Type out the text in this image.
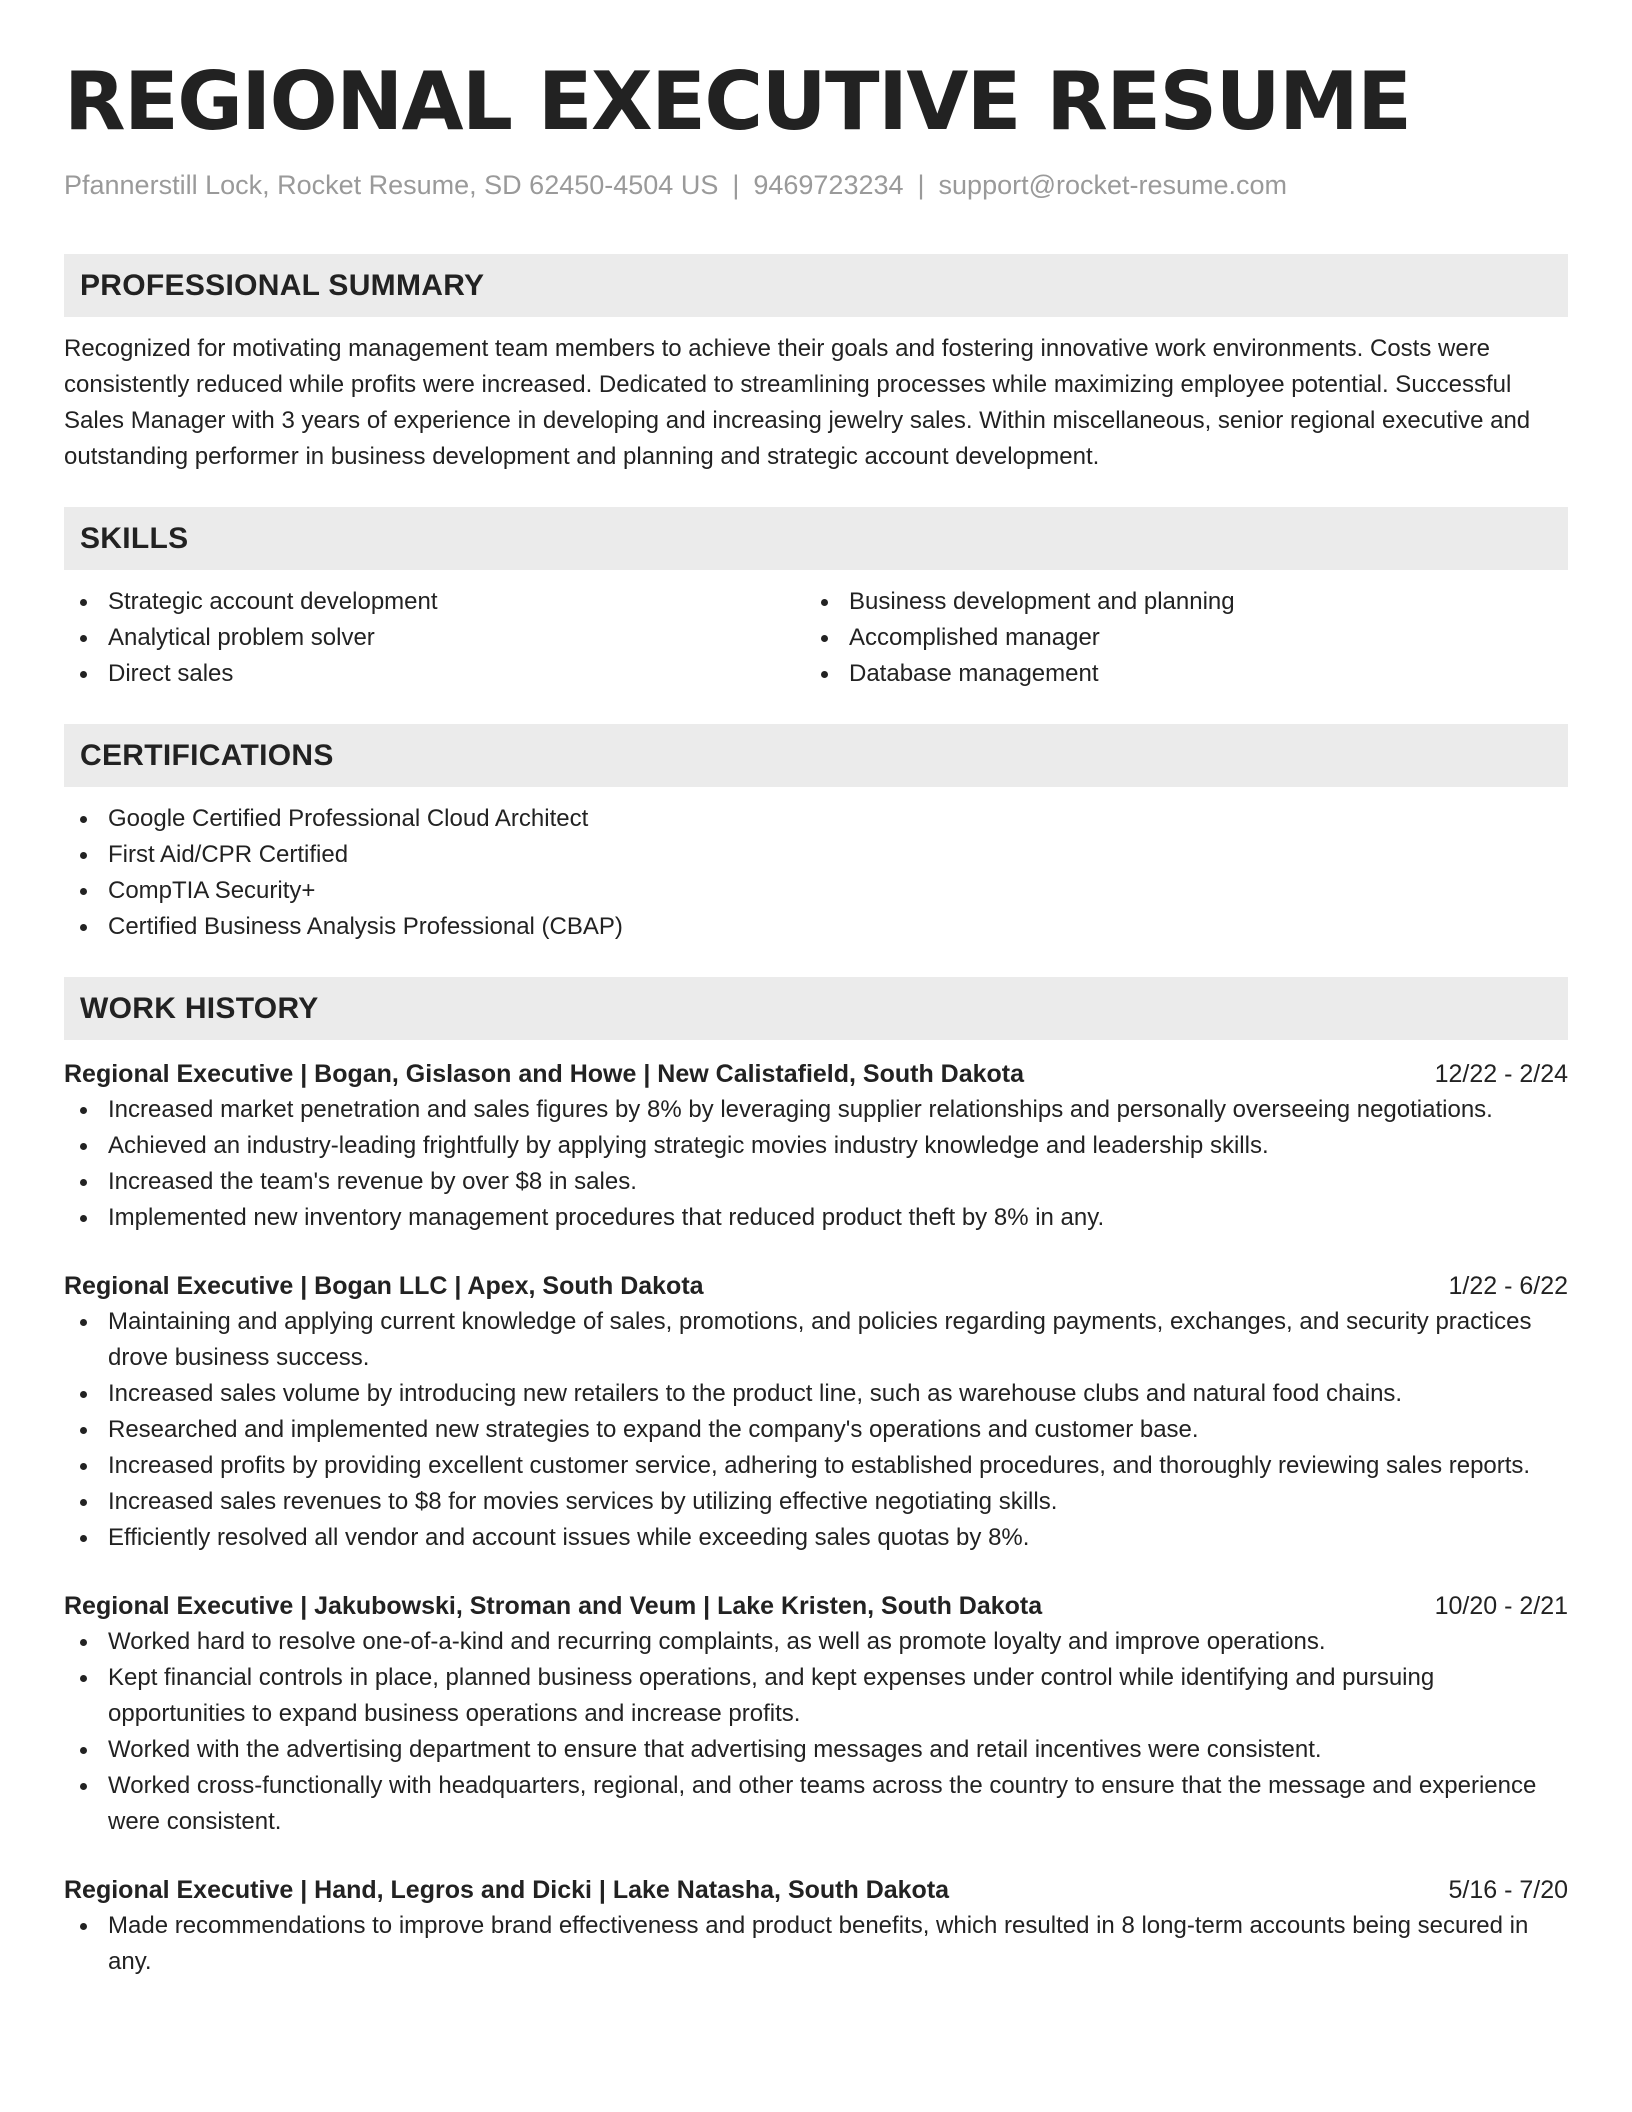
REGIONAL EXECUTIVE RESUME
Pfannerstill Lock, Rocket Resume, SD 62450-4504 US | 9469723234 | support@rocket-resume.com
PROFESSIONAL SUMMARY
Recognized for motivating management team members to achieve their goals and fostering innovative work environments. Costs were consistently reduced while profits were increased. Dedicated to streamlining processes while maximizing employee potential. Successful Sales Manager with 3 years of experience in developing and increasing jewelry sales. Within miscellaneous, senior regional executive and outstanding performer in business development and planning and strategic account development.
SKILLS
Strategic account development
Analytical problem solver
Direct sales
Business development and planning
Accomplished manager
Database management
CERTIFICATIONS
Google Certified Professional Cloud Architect
First Aid/CPR Certified
CompTIA Security+
Certified Business Analysis Professional (CBAP)
WORK HISTORY
Regional Executive | Bogan, Gislason and Howe | New Calistafield, South Dakota	12/22 - 2/24
Increased market penetration and sales figures by 8% by leveraging supplier relationships and personally overseeing negotiations.
Achieved an industry-leading frightfully by applying strategic movies industry knowledge and leadership skills.
Increased the team's revenue by over $8 in sales.
Implemented new inventory management procedures that reduced product theft by 8% in any.
Regional Executive | Bogan LLC | Apex, South Dakota	1/22 - 6/22
Maintaining and applying current knowledge of sales, promotions, and policies regarding payments, exchanges, and security practices drove business success.
Increased sales volume by introducing new retailers to the product line, such as warehouse clubs and natural food chains.
Researched and implemented new strategies to expand the company's operations and customer base.
Increased profits by providing excellent customer service, adhering to established procedures, and thoroughly reviewing sales reports.
Increased sales revenues to $8 for movies services by utilizing effective negotiating skills.
Efficiently resolved all vendor and account issues while exceeding sales quotas by 8%.
Regional Executive | Jakubowski, Stroman and Veum | Lake Kristen, South Dakota	10/20 - 2/21
Worked hard to resolve one-of-a-kind and recurring complaints, as well as promote loyalty and improve operations.
Kept financial controls in place, planned business operations, and kept expenses under control while identifying and pursuing opportunities to expand business operations and increase profits.
Worked with the advertising department to ensure that advertising messages and retail incentives were consistent.
Worked cross-functionally with headquarters, regional, and other teams across the country to ensure that the message and experience were consistent.
Regional Executive | Hand, Legros and Dicki | Lake Natasha, South Dakota	5/16 - 7/20
Made recommendations to improve brand effectiveness and product benefits, which resulted in 8 long-term accounts being secured in any.
